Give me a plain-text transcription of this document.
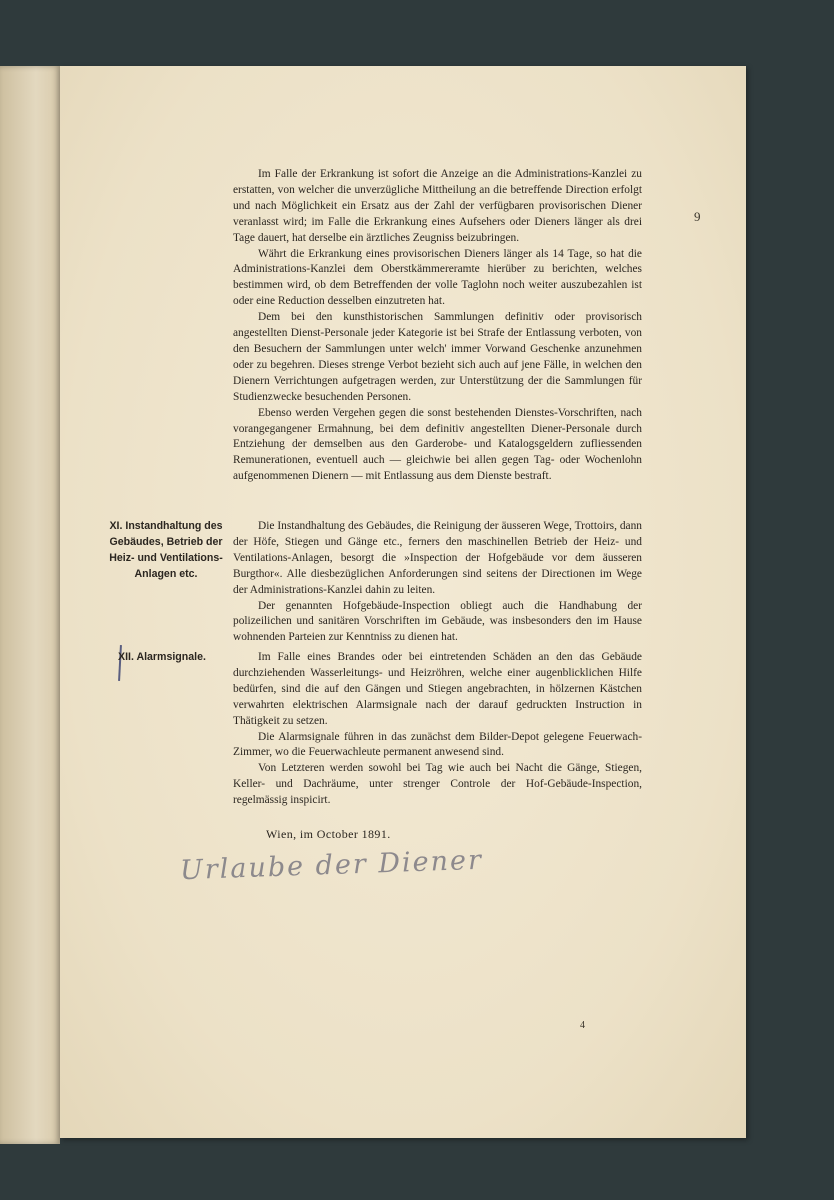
9

Im Falle der Erkrankung ist sofort die Anzeige an die Administrations-Kanzlei zu erstatten, von welcher die unverzügliche Mittheilung an die betreffende Direction erfolgt und nach Möglichkeit ein Ersatz aus der Zahl der verfügbaren provisorischen Diener veranlasst wird; im Falle die Erkrankung eines Aufsehers oder Dieners länger als drei Tage dauert, hat derselbe ein ärztliches Zeugniss beizubringen.

Währt die Erkrankung eines provisorischen Dieners länger als 14 Tage, so hat die Administrations-Kanzlei dem Oberstkämmereramte hierüber zu berichten, welches bestimmen wird, ob dem Betreffenden der volle Taglohn noch weiter auszubezahlen ist oder eine Reduction desselben einzutreten hat.

Dem bei den kunsthistorischen Sammlungen definitiv oder provisorisch angestellten Dienst-Personale jeder Kategorie ist bei Strafe der Entlassung verboten, von den Besuchern der Sammlungen unter welch' immer Vorwand Geschenke anzunehmen oder zu begehren. Dieses strenge Verbot bezieht sich auch auf jene Fälle, in welchen den Dienern Verrichtungen aufgetragen werden, zur Unterstützung der die Sammlungen für Studienzwecke besuchenden Personen.

Ebenso werden Vergehen gegen die sonst bestehenden Dienstes-Vorschriften, nach vorangegangener Ermahnung, bei dem definitiv angestellten Diener-Personale durch Entziehung der demselben aus den Garderobe- und Katalogsgeldern zufliessenden Remunerationen, eventuell auch — gleichwie bei allen gegen Tag- oder Wochenlohn aufgenommenen Dienern — mit Entlassung aus dem Dienste bestraft.

XI. Instandhaltung des Gebäudes, Betrieb der Heiz- und Ventilations-Anlagen etc.

Die Instandhaltung des Gebäudes, die Reinigung der äusseren Wege, Trottoirs, dann der Höfe, Stiegen und Gänge etc., ferners den maschinellen Betrieb der Heiz- und Ventilations-Anlagen, besorgt die »Inspection der Hofgebäude vor dem äusseren Burgthor«. Alle diesbezüglichen Anforderungen sind seitens der Directionen im Wege der Administrations-Kanzlei dahin zu leiten.

Der genannten Hofgebäude-Inspection obliegt auch die Handhabung der polizeilichen und sanitären Vorschriften im Gebäude, was insbesonders den im Hause wohnenden Parteien zur Kenntniss zu dienen hat.

XII. Alarmsignale.	Im Falle eines Brandes oder bei eintretenden Schäden an den das Gebäude durchziehenden Wasserleitungs- und Heizröhren, welche einer augenblicklichen Hilfe bedürfen, sind die auf den Gängen und Stiegen angebrachten, in hölzernen Kästchen verwahrten elektrischen Alarmsignale nach der darauf gedruckten Instruction in Thätigkeit zu setzen.

Die Alarmsignale führen in das zunächst dem Bilder-Depot gelegene Feuerwach-Zimmer, wo die Feuerwachleute permanent anwesend sind.

Von Letzteren werden sowohl bei Tag wie auch bei Nacht die Gänge, Stiegen, Keller- und Dachräume, unter strenger Controle der Hof-Gebäude-Inspection, regelmässig inspicirt.

Wien, im October 1891.
Urlaube der Diener
4
